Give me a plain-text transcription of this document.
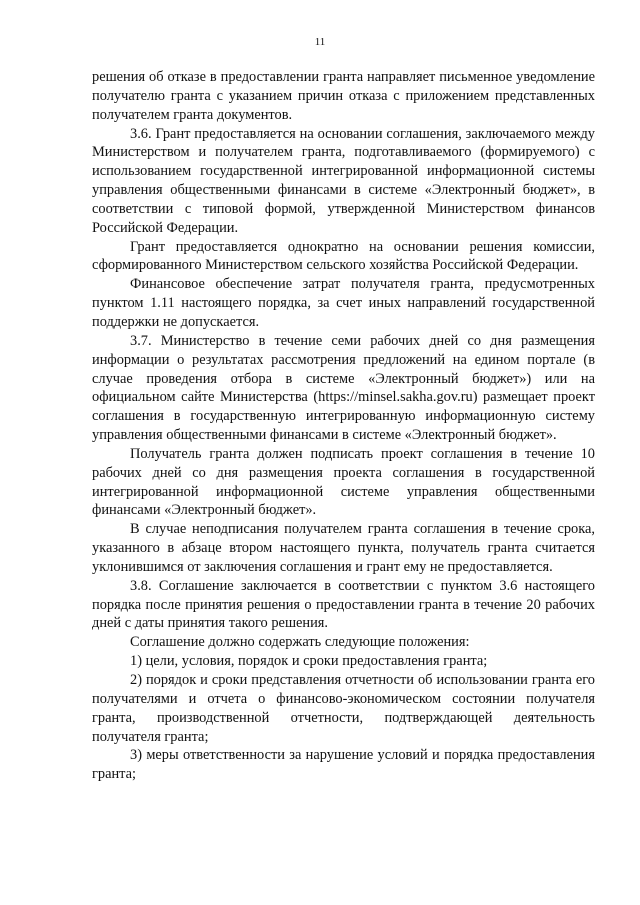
11

решения об отказе в предоставлении гранта направляет письменное уведомление получателю гранта с указанием причин отказа с приложением представленных получателем гранта документов.

3.6. Грант предоставляется на основании соглашения, заключаемого между Министерством и получателем гранта, подготавливаемого (формируемого) с использованием государственной интегрированной информационной системы управления общественными финансами в системе «Электронный бюджет», в соответствии с типовой формой, утвержденной Министерством финансов Российской Федерации.

Грант предоставляется однократно на основании решения комиссии, сформированного Министерством сельского хозяйства Российской Федерации.

Финансовое обеспечение затрат получателя гранта, предусмотренных пунктом 1.11 настоящего порядка, за счет иных направлений государственной поддержки не допускается.

3.7. Министерство в течение семи рабочих дней со дня размещения информации о результатах рассмотрения предложений на едином портале (в случае проведения отбора в системе «Электронный бюджет») или на официальном сайте Министерства (https://minsel.sakha.gov.ru) размещает проект соглашения в государственную интегрированную информационную систему управления общественными финансами в системе «Электронный бюджет».

Получатель гранта должен подписать проект соглашения в течение 10 рабочих дней со дня размещения проекта соглашения в государственной интегрированной информационной системе управления общественными финансами «Электронный бюджет».

В случае неподписания получателем гранта соглашения в течение срока, указанного в абзаце втором настоящего пункта, получатель гранта считается уклонившимся от заключения соглашения и грант ему не предоставляется.

3.8. Соглашение заключается в соответствии с пунктом 3.6 настоящего порядка после принятия решения о предоставлении гранта в течение 20 рабочих дней с даты принятия такого решения.

Соглашение должно содержать следующие положения:

1) цели, условия, порядок и сроки предоставления гранта;

2) порядок и сроки представления отчетности об использовании гранта его получателями и отчета о финансово-экономическом состоянии получателя гранта, производственной отчетности, подтверждающей деятельность получателя гранта;

3) меры ответственности за нарушение условий и порядка предоставления гранта;
